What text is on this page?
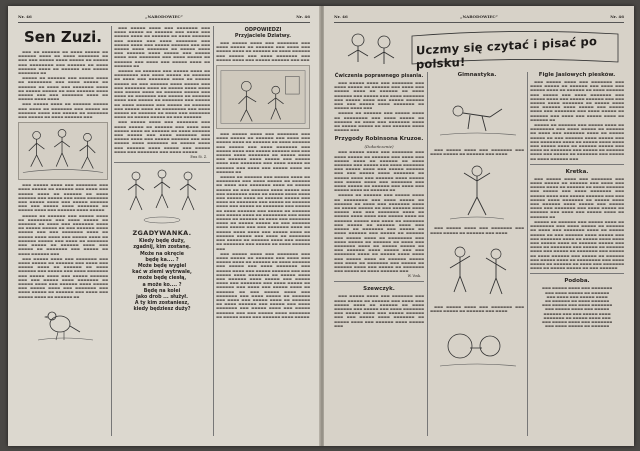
Nr. 46	„NARODOWIEC”	Nr. 46
Sen Zuzi.

▬▬▬ ▬▬ ▬▬▬▬▬▬ ▬▬ ▬▬▬▬ ▬▬▬▬▬ ▬▬ ▬▬▬▬▬▬ ▬▬▬▬ ▬▬ ▬▬▬▬ ▬▬▬▬▬▬▬ ▬▬ ▬▬▬ ▬▬▬ ▬▬▬▬▬ ▬▬▬▬ ▬▬▬▬▬ ▬▬ ▬▬▬▬▬ ▬▬▬ ▬▬▬▬▬▬▬▬ ▬▬▬ ▬▬▬▬▬▬ ▬▬ ▬▬▬▬ ▬▬▬▬▬▬ ▬▬▬▬ ▬▬ ▬▬▬▬▬▬ ▬▬▬ ▬▬▬▬▬ ▬▬▬▬▬▬▬ ▬▬

▬▬▬▬▬ ▬▬ ▬▬▬▬▬▬ ▬▬▬ ▬▬▬▬▬ ▬▬▬▬ ▬▬ ▬▬▬▬▬▬▬▬ ▬▬▬ ▬▬▬▬ ▬▬▬▬▬ ▬▬ ▬▬▬▬▬▬ ▬▬ ▬▬▬▬ ▬▬▬ ▬▬▬▬▬▬▬ ▬▬▬▬ ▬▬ ▬▬▬▬▬ ▬▬▬▬▬ ▬▬ ▬▬▬ ▬▬▬▬▬▬ ▬▬▬▬ ▬▬▬▬▬ ▬▬▬ ▬▬▬ ▬▬▬▬▬▬▬ ▬▬▬▬ ▬▬ ▬▬▬▬▬ ▬▬▬▬ ▬▬▬▬

▬▬▬ ▬▬▬▬▬ ▬▬▬▬ ▬▬ ▬▬▬▬▬▬ ▬▬▬▬▬ ▬▬▬ ▬▬▬▬ ▬▬ ▬▬▬▬▬▬▬ ▬▬▬ ▬▬▬▬▬ ▬▬ ▬▬▬▬▬▬ ▬▬▬▬ ▬▬▬ ▬▬▬▬▬ ▬▬ ▬▬▬▬▬▬▬ ▬▬▬ ▬▬▬▬▬ ▬▬ ▬▬▬▬ ▬▬▬▬▬▬ ▬▬▬

▬▬▬ ▬▬▬▬▬ ▬▬▬▬ ▬▬▬ ▬▬▬▬▬▬▬ ▬▬▬ ▬▬▬▬ ▬▬▬▬▬ ▬▬ ▬▬▬▬▬▬ ▬▬▬ ▬▬▬▬ ▬▬▬ ▬▬▬▬▬ ▬▬▬▬ ▬▬ ▬▬▬▬▬▬ ▬▬ ▬▬▬▬ ▬▬▬▬▬▬ ▬▬▬ ▬▬▬▬▬ ▬▬▬ ▬▬▬▬ ▬▬▬▬▬▬▬ ▬▬▬ ▬▬▬▬▬ ▬▬▬▬ ▬▬▬ ▬▬▬▬▬ ▬▬▬▬▬▬ ▬▬▬ ▬▬▬ ▬▬▬▬▬ ▬▬▬▬ ▬▬▬▬▬▬▬ ▬▬ ▬▬▬▬▬ ▬▬▬▬ ▬▬▬ ▬▬▬▬▬▬ ▬▬▬▬ ▬▬▬▬▬

▬▬▬▬▬ ▬▬ ▬▬▬▬▬▬ ▬▬▬ ▬▬▬▬▬ ▬▬▬▬ ▬▬ ▬▬▬▬▬▬▬▬ ▬▬▬ ▬▬▬▬ ▬▬▬▬▬ ▬▬ ▬▬▬▬▬▬ ▬▬ ▬▬▬▬ ▬▬▬ ▬▬▬▬▬▬▬ ▬▬▬▬ ▬▬ ▬▬▬▬▬ ▬▬▬▬▬ ▬▬ ▬▬▬ ▬▬▬▬▬▬ ▬▬▬▬ ▬▬▬▬▬ ▬▬▬ ▬▬▬ ▬▬▬▬▬▬▬ ▬▬▬▬ ▬▬ ▬▬▬▬▬ ▬▬▬▬ ▬▬▬▬ ▬▬▬ ▬▬▬▬▬ ▬▬▬▬ ▬▬ ▬▬▬▬▬▬ ▬▬▬▬▬ ▬▬▬ ▬▬▬▬ ▬▬ ▬▬▬▬▬▬▬ ▬▬▬ ▬▬▬▬▬ ▬▬ ▬▬▬▬▬▬ ▬▬▬▬ ▬▬▬ ▬▬▬▬▬ ▬▬ ▬▬▬▬▬▬▬ ▬▬▬ ▬▬▬▬▬ ▬▬ ▬▬▬▬ ▬▬▬▬▬▬ ▬▬▬

▬▬▬ ▬▬▬▬▬ ▬▬▬▬ ▬▬▬ ▬▬▬▬▬▬▬ ▬▬▬ ▬▬▬▬ ▬▬▬▬▬ ▬▬ ▬▬▬▬▬▬ ▬▬▬ ▬▬▬▬ ▬▬▬ ▬▬▬▬▬ ▬▬▬▬ ▬▬ ▬▬▬▬▬▬ ▬▬ ▬▬▬▬ ▬▬▬▬▬▬ ▬▬▬ ▬▬▬▬▬ ▬▬▬ ▬▬▬▬ ▬▬▬▬▬▬▬ ▬▬▬ ▬▬▬▬▬ ▬▬▬▬ ▬▬▬ ▬▬▬▬▬ ▬▬▬▬▬▬ ▬▬▬ ▬▬▬ ▬▬▬▬▬ ▬▬▬▬ ▬▬▬▬▬▬▬ ▬▬ ▬▬▬▬▬ ▬▬▬▬ ▬▬▬ ▬▬▬▬▬▬ ▬▬▬▬ ▬▬▬▬▬ ▬▬▬ ▬▬▬▬▬ ▬▬▬▬ ▬▬▬ ▬▬▬▬▬▬▬ ▬▬▬ ▬▬▬▬ ▬▬▬▬▬ ▬▬ ▬▬▬▬▬▬ ▬▬▬ ▬▬▬▬ ▬▬▬ ▬▬▬▬▬ ▬▬▬▬ ▬▬ ▬▬▬▬▬▬ ▬▬

▬▬▬ ▬▬▬▬▬ ▬▬▬▬ ▬▬▬ ▬▬▬▬▬▬▬ ▬▬▬ ▬▬▬▬ ▬▬▬▬▬ ▬▬ ▬▬▬▬▬▬ ▬▬▬ ▬▬▬▬ ▬▬▬ ▬▬▬▬▬ ▬▬▬▬ ▬▬ ▬▬▬▬▬▬ ▬▬ ▬▬▬▬ ▬▬▬▬▬▬ ▬▬▬ ▬▬▬▬▬ ▬▬▬ ▬▬▬▬ ▬▬▬▬▬▬▬ ▬▬▬ ▬▬▬▬▬ ▬▬▬▬ ▬▬▬ ▬▬▬▬▬ ▬▬▬▬▬▬ ▬▬▬ ▬▬▬ ▬▬▬▬▬ ▬▬▬▬ ▬▬▬▬▬▬▬ ▬▬ ▬▬▬▬▬ ▬▬▬▬ ▬▬▬ ▬▬▬▬▬▬ ▬▬▬▬ ▬▬▬▬▬ ▬▬▬ ▬▬▬▬▬ ▬▬▬▬ ▬▬▬ ▬▬▬▬▬▬▬ ▬▬▬ ▬▬▬▬ ▬▬▬▬▬ ▬▬ ▬▬▬▬▬▬ ▬▬▬ ▬▬▬▬ ▬▬▬ ▬▬▬▬▬ ▬▬▬▬ ▬▬ ▬▬▬▬▬▬ ▬▬

▬▬▬▬▬ ▬▬ ▬▬▬▬▬▬ ▬▬▬ ▬▬▬▬▬ ▬▬▬▬ ▬▬ ▬▬▬▬▬▬▬▬ ▬▬▬ ▬▬▬▬ ▬▬▬▬▬ ▬▬ ▬▬▬▬▬▬ ▬▬ ▬▬▬▬ ▬▬▬ ▬▬▬▬▬▬▬ ▬▬▬▬ ▬▬ ▬▬▬▬▬ ▬▬▬▬▬ ▬▬ ▬▬▬ ▬▬▬▬▬▬ ▬▬▬▬ ▬▬▬▬▬ ▬▬▬ ▬▬▬ ▬▬▬▬▬▬▬ ▬▬▬▬ ▬▬ ▬▬▬▬▬ ▬▬▬▬ ▬▬▬▬ ▬▬▬ ▬▬▬▬▬ ▬▬▬▬ ▬▬ ▬▬▬▬▬▬ ▬▬▬▬▬ ▬▬▬ ▬▬▬▬ ▬▬ ▬▬▬▬▬▬▬ ▬▬▬ ▬▬▬▬▬ ▬▬ ▬▬▬▬▬▬ ▬▬▬▬ ▬▬▬ ▬▬▬▬▬ ▬▬ ▬▬▬▬▬▬▬ ▬▬▬ ▬▬▬▬▬ ▬▬ ▬▬▬▬ ▬▬▬▬▬▬ ▬▬▬ ▬▬▬▬▬ ▬▬ ▬▬▬▬▬▬ ▬▬▬ ▬▬▬▬▬ ▬▬▬▬ ▬▬ ▬▬▬▬▬▬▬▬ ▬▬▬ ▬▬▬▬ ▬▬▬▬▬ ▬▬ ▬▬▬▬▬▬ ▬▬ ▬▬▬▬ ▬▬▬ ▬▬▬▬▬▬▬ ▬▬▬▬ ▬▬ ▬▬▬▬▬ ▬▬▬▬▬ ▬▬ ▬▬▬ ▬▬▬▬▬▬

▬▬▬ ▬▬▬▬▬ ▬▬▬▬ ▬▬▬ ▬▬▬▬▬▬▬ ▬▬▬ ▬▬▬▬ ▬▬▬▬▬ ▬▬ ▬▬▬▬▬▬ ▬▬▬ ▬▬▬▬ ▬▬▬ ▬▬▬▬▬ ▬▬▬▬ ▬▬ ▬▬▬▬▬▬ ▬▬ ▬▬▬▬ ▬▬▬▬▬▬ ▬▬▬ ▬▬▬▬▬ ▬▬▬ ▬▬▬▬ ▬▬▬▬▬▬▬ ▬▬▬ ▬▬▬▬▬ ▬▬▬▬ ▬▬▬ ▬▬▬▬▬ ▬▬▬▬▬▬ ▬▬▬ ▬▬▬ ▬▬▬▬▬ ▬▬▬▬ ▬▬▬▬▬▬▬ ▬▬ ▬▬▬▬▬ ▬▬▬▬ ▬▬▬ ▬▬▬▬▬▬ ▬▬▬▬ ▬▬▬▬▬ ▬▬▬ ▬▬▬▬▬ ▬▬▬▬ ▬▬▬ ▬▬▬▬▬▬▬ ▬▬▬ ▬▬▬▬ ▬▬▬▬▬

Ewa St. Z.
ZGADYWANKA.
Kiedy będę duży,
zgadnij, kim zostanę.
Może na okręcie
będę ka.... ?
Może będę wygiel
kać w ziemi wytrwale,
może będę ciesłą,
a może ko.... ?
Będę na kolei
jako drob ... służył.
A ty kim zostaniesz,
kiedy będziesz duży?
ODPOWIEDZI
Przyjaciele Dziatwy.

▬▬▬ ▬▬▬▬▬ ▬▬▬▬ ▬▬▬ ▬▬▬▬▬▬▬ ▬▬▬ ▬▬▬▬ ▬▬▬▬▬ ▬▬ ▬▬▬▬▬▬ ▬▬▬ ▬▬▬▬ ▬▬▬ ▬▬▬▬▬ ▬▬▬▬ ▬▬ ▬▬▬▬▬▬ ▬▬ ▬▬▬▬ ▬▬▬▬▬▬ ▬▬▬ ▬▬▬▬▬ ▬▬▬ ▬▬▬▬ ▬▬▬▬▬▬▬ ▬▬▬ ▬▬▬▬▬ ▬▬▬▬ ▬▬▬ ▬▬▬▬▬ ▬▬▬▬▬▬ ▬▬▬ ▬▬▬

▬▬▬ ▬▬▬▬▬ ▬▬▬▬ ▬▬▬ ▬▬▬▬▬▬▬ ▬▬▬ ▬▬▬▬ ▬▬▬▬▬ ▬▬ ▬▬▬▬▬▬ ▬▬▬ ▬▬▬▬ ▬▬▬ ▬▬▬▬▬ ▬▬▬▬ ▬▬ ▬▬▬▬▬▬ ▬▬ ▬▬▬▬ ▬▬▬▬▬▬ ▬▬▬ ▬▬▬▬▬ ▬▬▬ ▬▬▬▬ ▬▬▬▬▬▬▬ ▬▬▬ ▬▬▬▬▬ ▬▬▬▬ ▬▬▬ ▬▬▬▬▬ ▬▬▬▬▬▬ ▬▬▬ ▬▬▬ ▬▬▬▬▬ ▬▬▬▬ ▬▬▬▬▬▬▬ ▬▬ ▬▬▬▬▬ ▬▬▬▬ ▬▬▬ ▬▬▬▬▬▬ ▬▬▬▬ ▬▬▬▬▬ ▬▬▬ ▬▬▬▬▬ ▬▬▬▬ ▬▬▬ ▬▬▬▬▬▬▬ ▬▬▬ ▬▬▬▬ ▬▬▬▬▬ ▬▬ ▬▬▬▬▬▬ ▬▬▬ ▬▬▬▬ ▬▬▬ ▬▬▬▬▬ ▬▬▬▬ ▬▬ ▬▬▬▬▬▬ ▬▬

▬▬▬▬▬ ▬▬ ▬▬▬▬▬▬ ▬▬▬ ▬▬▬▬▬ ▬▬▬▬ ▬▬ ▬▬▬▬▬▬▬▬ ▬▬▬ ▬▬▬▬ ▬▬▬▬▬ ▬▬ ▬▬▬▬▬▬ ▬▬ ▬▬▬▬ ▬▬▬ ▬▬▬▬▬▬▬ ▬▬▬▬ ▬▬ ▬▬▬▬▬ ▬▬▬▬▬ ▬▬ ▬▬▬ ▬▬▬▬▬▬ ▬▬▬▬ ▬▬▬▬▬ ▬▬▬ ▬▬▬ ▬▬▬▬▬▬▬ ▬▬▬▬ ▬▬ ▬▬▬▬▬ ▬▬▬▬ ▬▬▬▬ ▬▬▬ ▬▬▬▬▬ ▬▬▬▬ ▬▬ ▬▬▬▬▬▬ ▬▬▬▬▬ ▬▬▬ ▬▬▬▬ ▬▬ ▬▬▬▬▬▬▬ ▬▬▬ ▬▬▬▬▬ ▬▬ ▬▬▬▬▬▬ ▬▬▬▬ ▬▬▬ ▬▬▬▬▬ ▬▬ ▬▬▬▬▬▬▬ ▬▬▬ ▬▬▬▬▬ ▬▬ ▬▬▬▬ ▬▬▬▬▬▬ ▬▬▬ ▬▬▬▬▬ ▬▬ ▬▬▬▬▬▬ ▬▬▬ ▬▬▬▬▬ ▬▬▬▬ ▬▬ ▬▬▬▬▬▬▬▬ ▬▬▬ ▬▬▬▬ ▬▬▬▬▬ ▬▬ ▬▬▬▬▬▬ ▬▬ ▬▬▬▬ ▬▬▬ ▬▬▬▬▬▬▬ ▬▬▬▬ ▬▬ ▬▬▬▬▬ ▬▬▬▬▬ ▬▬ ▬▬▬ ▬▬▬▬▬▬ ▬▬▬▬ ▬▬▬▬▬ ▬▬▬ ▬▬▬ ▬▬▬▬▬▬▬ ▬▬▬▬ ▬▬ ▬▬▬▬▬ ▬▬▬▬ ▬▬▬▬ ▬▬▬ ▬▬▬▬▬ ▬▬▬▬ ▬▬ ▬▬▬▬▬▬ ▬▬▬▬▬ ▬▬▬ ▬▬▬▬ ▬▬ ▬▬▬▬▬▬▬ ▬▬▬ ▬▬▬▬▬ ▬▬ ▬▬▬▬▬▬ ▬▬▬▬ ▬▬▬ ▬▬▬▬▬ ▬▬ ▬▬▬▬▬▬▬ ▬▬▬ ▬▬▬▬▬ ▬▬ ▬▬▬▬ ▬▬▬▬▬▬ ▬▬▬

▬▬▬ ▬▬▬▬▬ ▬▬▬▬ ▬▬▬ ▬▬▬▬▬▬▬ ▬▬▬ ▬▬▬▬ ▬▬▬▬▬ ▬▬ ▬▬▬▬▬▬ ▬▬▬ ▬▬▬▬ ▬▬▬ ▬▬▬▬▬ ▬▬▬▬ ▬▬ ▬▬▬▬▬▬ ▬▬ ▬▬▬▬ ▬▬▬▬▬▬ ▬▬▬ ▬▬▬▬▬ ▬▬▬ ▬▬▬▬ ▬▬▬▬▬▬▬ ▬▬▬ ▬▬▬▬▬ ▬▬▬▬ ▬▬▬ ▬▬▬▬▬ ▬▬▬▬▬▬ ▬▬▬ ▬▬▬ ▬▬▬▬▬ ▬▬▬▬ ▬▬▬▬▬▬▬ ▬▬ ▬▬▬▬▬ ▬▬▬▬ ▬▬▬ ▬▬▬▬▬▬ ▬▬▬▬ ▬▬▬▬▬ ▬▬▬ ▬▬▬▬▬ ▬▬▬▬ ▬▬▬ ▬▬▬▬▬▬▬ ▬▬▬ ▬▬▬▬ ▬▬▬▬▬ ▬▬ ▬▬▬▬▬▬ ▬▬▬ ▬▬▬▬ ▬▬▬ ▬▬▬▬▬ ▬▬▬▬ ▬▬ ▬▬▬▬▬▬ ▬▬ ▬▬▬ ▬▬▬▬▬ ▬▬▬▬ ▬▬▬ ▬▬▬▬▬▬▬ ▬▬▬ ▬▬▬▬ ▬▬▬▬▬ ▬▬ ▬▬▬▬▬▬ ▬▬▬ ▬▬▬▬ ▬▬▬ ▬▬▬▬▬ ▬▬▬▬ ▬▬ ▬▬▬▬▬▬ ▬▬ ▬▬▬▬ ▬▬▬▬▬▬ ▬▬▬ ▬▬▬▬▬ ▬▬▬ ▬▬▬▬ ▬▬▬▬▬▬▬ ▬▬▬ ▬▬▬▬▬ ▬▬▬▬ ▬▬▬ ▬▬▬▬▬ ▬▬▬▬▬▬ ▬▬▬ ▬▬▬ ▬▬▬▬▬ ▬▬▬▬ ▬▬▬▬▬▬▬ ▬▬ ▬▬▬▬▬ ▬▬▬▬ ▬▬▬ ▬▬▬▬▬▬ ▬▬▬▬ ▬▬▬▬▬

Nr. 46	„NARODOWIEC”	Nr. 46
Uczmy się czytać i pisać po polsku!
Ćwiczenia poprawnego pisania.

▬▬▬ ▬▬▬▬▬ ▬▬▬▬ ▬▬▬ ▬▬▬▬▬▬▬ ▬▬▬ ▬▬▬▬ ▬▬▬▬▬ ▬▬ ▬▬▬▬▬▬ ▬▬▬ ▬▬▬▬ ▬▬▬ ▬▬▬▬▬ ▬▬▬▬ ▬▬ ▬▬▬▬▬▬ ▬▬ ▬▬▬▬ ▬▬▬▬▬▬ ▬▬▬ ▬▬▬▬▬ ▬▬▬ ▬▬▬▬ ▬▬▬▬▬▬▬ ▬▬▬ ▬▬▬▬▬ ▬▬▬▬ ▬▬▬ ▬▬▬▬▬ ▬▬▬▬▬▬ ▬▬▬ ▬▬▬ ▬▬▬▬▬ ▬▬▬▬ ▬▬▬▬▬▬▬ ▬▬ ▬▬▬▬▬ ▬▬▬▬ ▬▬▬

▬▬▬▬▬ ▬▬ ▬▬▬▬▬▬ ▬▬▬ ▬▬▬▬▬ ▬▬▬▬ ▬▬ ▬▬▬▬▬▬▬▬ ▬▬▬ ▬▬▬▬ ▬▬▬▬▬ ▬▬ ▬▬▬▬▬▬ ▬▬ ▬▬▬▬ ▬▬▬ ▬▬▬▬▬▬▬ ▬▬▬▬ ▬▬ ▬▬▬▬▬ ▬▬▬▬▬ ▬▬ ▬▬▬ ▬▬▬▬▬▬ ▬▬▬▬ ▬▬▬▬▬ ▬▬▬

Przygody Robinsona Kruzoe.
(Dokończenie)

▬▬▬ ▬▬▬▬▬ ▬▬▬▬ ▬▬▬ ▬▬▬▬▬▬▬ ▬▬▬ ▬▬▬▬ ▬▬▬▬▬ ▬▬ ▬▬▬▬▬▬ ▬▬▬ ▬▬▬▬ ▬▬▬ ▬▬▬▬▬ ▬▬▬▬ ▬▬ ▬▬▬▬▬▬ ▬▬ ▬▬▬▬ ▬▬▬▬▬▬ ▬▬▬ ▬▬▬▬▬ ▬▬▬ ▬▬▬▬ ▬▬▬▬▬▬▬ ▬▬▬ ▬▬▬▬▬ ▬▬▬▬ ▬▬▬ ▬▬▬▬▬ ▬▬▬▬▬▬ ▬▬▬ ▬▬▬ ▬▬▬▬▬ ▬▬▬▬ ▬▬▬▬▬▬▬ ▬▬ ▬▬▬▬▬ ▬▬▬▬ ▬▬▬ ▬▬▬▬▬▬ ▬▬▬▬ ▬▬▬▬▬ ▬▬▬ ▬▬▬▬▬ ▬▬▬▬ ▬▬▬ ▬▬▬▬▬▬▬ ▬▬▬ ▬▬▬▬ ▬▬▬▬▬ ▬▬ ▬▬▬▬▬▬ ▬▬▬ ▬▬▬▬ ▬▬▬ ▬▬▬▬▬ ▬▬▬▬ ▬▬ ▬▬▬▬▬▬ ▬▬

▬▬▬▬▬ ▬▬ ▬▬▬▬▬▬ ▬▬▬ ▬▬▬▬▬ ▬▬▬▬ ▬▬ ▬▬▬▬▬▬▬▬ ▬▬▬ ▬▬▬▬ ▬▬▬▬▬ ▬▬ ▬▬▬▬▬▬ ▬▬ ▬▬▬▬ ▬▬▬ ▬▬▬▬▬▬▬ ▬▬▬▬ ▬▬ ▬▬▬▬▬ ▬▬▬▬▬ ▬▬ ▬▬▬ ▬▬▬▬▬▬ ▬▬▬▬ ▬▬▬▬▬ ▬▬▬ ▬▬▬ ▬▬▬▬▬▬▬ ▬▬▬▬ ▬▬ ▬▬▬▬▬ ▬▬▬▬ ▬▬▬▬ ▬▬▬ ▬▬▬▬▬ ▬▬▬▬ ▬▬ ▬▬▬▬▬▬ ▬▬▬▬▬ ▬▬▬ ▬▬▬▬ ▬▬ ▬▬▬▬▬▬▬ ▬▬▬ ▬▬▬▬▬ ▬▬ ▬▬▬▬▬▬ ▬▬▬▬ ▬▬▬ ▬▬▬▬▬ ▬▬ ▬▬▬▬▬▬▬ ▬▬▬ ▬▬▬▬▬ ▬▬ ▬▬▬▬ ▬▬▬▬▬▬ ▬▬▬ ▬▬▬▬▬ ▬▬ ▬▬▬▬▬▬ ▬▬▬ ▬▬▬▬▬ ▬▬▬▬ ▬▬ ▬▬▬▬▬▬▬▬ ▬▬▬ ▬▬▬▬ ▬▬▬▬▬ ▬▬ ▬▬▬▬▬▬ ▬▬ ▬▬▬▬ ▬▬▬ ▬▬▬▬▬▬▬ ▬▬▬▬ ▬▬ ▬▬▬▬▬ ▬▬▬▬▬ ▬▬ ▬▬▬ ▬▬▬▬▬▬ ▬▬▬▬ ▬▬▬▬▬ ▬▬▬ ▬▬▬ ▬▬▬▬▬▬▬ ▬▬▬▬ ▬▬ ▬▬▬▬▬ ▬▬▬▬ ▬▬▬▬ ▬▬▬ ▬▬▬▬▬ ▬▬▬▬ ▬▬ ▬▬▬▬▬▬ ▬▬▬▬▬ ▬▬▬ ▬▬▬▬ ▬▬ ▬▬▬▬▬▬▬ ▬▬▬ ▬▬▬▬▬ ▬▬ ▬▬▬▬▬▬ ▬▬▬▬ ▬▬▬ ▬▬▬▬▬ ▬▬ ▬▬▬▬▬▬▬ ▬▬▬ ▬▬▬▬▬ ▬▬ ▬▬▬▬ ▬▬▬▬▬▬ ▬▬▬

W. Vosk.
Szewczyk.

▬▬▬ ▬▬▬▬▬ ▬▬▬▬ ▬▬▬ ▬▬▬▬▬▬▬ ▬▬▬ ▬▬▬▬ ▬▬▬▬▬ ▬▬ ▬▬▬▬▬▬ ▬▬▬ ▬▬▬▬ ▬▬▬ ▬▬▬▬▬ ▬▬▬▬ ▬▬ ▬▬▬▬▬▬ ▬▬ ▬▬▬▬ ▬▬▬▬▬▬ ▬▬▬ ▬▬▬▬▬ ▬▬▬ ▬▬▬▬ ▬▬▬▬▬▬▬ ▬▬▬ ▬▬▬▬▬ ▬▬▬▬ ▬▬▬ ▬▬▬▬▬ ▬▬▬▬▬▬ ▬▬▬ ▬▬▬ ▬▬▬▬▬ ▬▬▬▬ ▬▬▬▬▬▬▬ ▬▬ ▬▬▬▬▬ ▬▬▬▬ ▬▬▬ ▬▬▬▬▬▬ ▬▬▬▬ ▬▬▬▬▬ ▬▬▬

Gimnastyka.

▬▬▬ ▬▬▬▬▬ ▬▬▬▬ ▬▬▬ ▬▬▬▬▬▬▬ ▬▬▬ ▬▬▬▬ ▬▬▬▬▬ ▬▬ ▬▬▬▬▬▬ ▬▬▬ ▬▬▬▬

▬▬▬ ▬▬▬▬▬ ▬▬▬▬ ▬▬▬ ▬▬▬▬▬▬▬ ▬▬▬ ▬▬▬▬ ▬▬▬▬▬ ▬▬ ▬▬▬▬▬▬ ▬▬▬ ▬▬▬▬

▬▬▬ ▬▬▬▬▬ ▬▬▬▬ ▬▬▬ ▬▬▬▬▬▬▬ ▬▬▬ ▬▬▬▬ ▬▬▬▬▬ ▬▬ ▬▬▬▬▬▬ ▬▬▬ ▬▬▬▬

Figle Jasiowych piesków.

▬▬▬ ▬▬▬▬▬ ▬▬▬▬ ▬▬▬ ▬▬▬▬▬▬▬ ▬▬▬ ▬▬▬▬ ▬▬▬▬▬ ▬▬ ▬▬▬▬▬▬ ▬▬▬ ▬▬▬▬ ▬▬▬ ▬▬▬▬▬ ▬▬▬▬ ▬▬ ▬▬▬▬▬▬ ▬▬ ▬▬▬▬ ▬▬▬▬▬▬ ▬▬▬ ▬▬▬▬▬ ▬▬▬ ▬▬▬▬ ▬▬▬▬▬▬▬ ▬▬▬ ▬▬▬▬▬ ▬▬▬▬ ▬▬▬ ▬▬▬▬▬ ▬▬▬▬▬▬ ▬▬▬ ▬▬▬ ▬▬▬▬▬ ▬▬▬▬ ▬▬▬▬▬▬▬ ▬▬ ▬▬▬▬▬ ▬▬▬▬ ▬▬▬ ▬▬▬▬▬▬ ▬▬▬▬ ▬▬▬▬▬ ▬▬▬ ▬▬▬▬▬ ▬▬▬▬ ▬▬▬ ▬▬▬▬▬▬▬ ▬▬▬ ▬▬▬▬ ▬▬▬▬▬ ▬▬ ▬▬▬▬▬▬ ▬▬▬ ▬▬▬▬ ▬▬▬ ▬▬▬▬▬ ▬▬▬▬ ▬▬ ▬▬▬▬▬▬ ▬▬

▬▬▬▬▬ ▬▬ ▬▬▬▬▬▬ ▬▬▬ ▬▬▬▬▬ ▬▬▬▬ ▬▬ ▬▬▬▬▬▬▬▬ ▬▬▬ ▬▬▬▬ ▬▬▬▬▬ ▬▬ ▬▬▬▬▬▬ ▬▬ ▬▬▬▬ ▬▬▬ ▬▬▬▬▬▬▬ ▬▬▬▬ ▬▬ ▬▬▬▬▬ ▬▬▬▬▬ ▬▬ ▬▬▬ ▬▬▬▬▬▬ ▬▬▬▬ ▬▬▬▬▬ ▬▬▬ ▬▬▬ ▬▬▬▬▬▬▬ ▬▬▬▬ ▬▬ ▬▬▬▬▬ ▬▬▬▬ ▬▬▬▬ ▬▬▬ ▬▬▬▬▬ ▬▬▬▬ ▬▬ ▬▬▬▬▬▬ ▬▬▬▬▬ ▬▬▬ ▬▬▬▬ ▬▬ ▬▬▬▬▬▬▬ ▬▬▬ ▬▬▬▬▬ ▬▬ ▬▬▬▬▬▬ ▬▬▬▬ ▬▬▬ ▬▬▬▬▬ ▬▬ ▬▬▬▬▬▬▬ ▬▬▬ ▬▬▬▬▬ ▬▬ ▬▬▬▬ ▬▬▬▬▬▬ ▬▬▬

Kretka.

▬▬▬ ▬▬▬▬▬ ▬▬▬▬ ▬▬▬ ▬▬▬▬▬▬▬ ▬▬▬ ▬▬▬▬ ▬▬▬▬▬ ▬▬ ▬▬▬▬▬▬ ▬▬▬ ▬▬▬▬ ▬▬▬ ▬▬▬▬▬ ▬▬▬▬ ▬▬ ▬▬▬▬▬▬ ▬▬ ▬▬▬▬ ▬▬▬▬▬▬ ▬▬▬ ▬▬▬▬▬ ▬▬▬ ▬▬▬▬ ▬▬▬▬▬▬▬ ▬▬▬ ▬▬▬▬▬ ▬▬▬▬ ▬▬▬ ▬▬▬▬▬ ▬▬▬▬▬▬ ▬▬▬ ▬▬▬ ▬▬▬▬▬ ▬▬▬▬ ▬▬▬▬▬▬▬ ▬▬ ▬▬▬▬▬ ▬▬▬▬ ▬▬▬ ▬▬▬▬▬▬ ▬▬▬▬ ▬▬▬▬▬ ▬▬▬ ▬▬▬▬▬ ▬▬▬▬ ▬▬▬ ▬▬▬▬▬▬▬ ▬▬▬ ▬▬▬▬ ▬▬▬▬▬ ▬▬ ▬▬▬▬▬▬ ▬▬▬ ▬▬▬▬ ▬▬▬ ▬▬▬▬▬ ▬▬▬▬ ▬▬ ▬▬▬▬▬▬ ▬▬

▬▬▬▬▬ ▬▬ ▬▬▬▬▬▬ ▬▬▬ ▬▬▬▬▬ ▬▬▬▬ ▬▬ ▬▬▬▬▬▬▬▬ ▬▬▬ ▬▬▬▬ ▬▬▬▬▬ ▬▬ ▬▬▬▬▬▬ ▬▬ ▬▬▬▬ ▬▬▬ ▬▬▬▬▬▬▬ ▬▬▬▬ ▬▬ ▬▬▬▬▬ ▬▬▬▬▬ ▬▬ ▬▬▬ ▬▬▬▬▬▬ ▬▬▬▬ ▬▬▬▬▬ ▬▬▬ ▬▬▬ ▬▬▬▬▬▬▬ ▬▬▬▬ ▬▬ ▬▬▬▬▬ ▬▬▬▬ ▬▬▬▬ ▬▬▬ ▬▬▬▬▬ ▬▬▬▬ ▬▬ ▬▬▬▬▬▬ ▬▬▬▬▬ ▬▬▬ ▬▬▬▬ ▬▬ ▬▬▬▬▬▬▬ ▬▬▬ ▬▬▬▬▬ ▬▬ ▬▬▬▬▬▬ ▬▬▬▬ ▬▬▬ ▬▬▬▬▬ ▬▬ ▬▬▬▬▬▬▬ ▬▬▬ ▬▬▬▬▬ ▬▬ ▬▬▬▬ ▬▬▬▬▬▬ ▬▬▬ ▬▬▬▬▬ ▬▬ ▬▬▬▬▬▬ ▬▬▬ ▬▬▬▬▬ ▬▬▬▬ ▬▬ ▬▬▬▬▬▬▬▬ ▬▬▬ ▬▬▬▬ ▬▬▬▬▬ ▬▬ ▬▬▬▬▬▬ ▬▬ ▬▬▬▬ ▬▬▬ ▬▬▬▬▬▬▬ ▬▬▬▬ ▬▬ ▬▬▬▬▬ ▬▬▬▬▬ ▬▬ ▬▬▬ ▬▬▬▬▬▬

Podoba.

▬▬▬ ▬▬▬▬▬ ▬▬▬▬ ▬▬▬ ▬▬▬▬▬▬▬
▬▬▬ ▬▬▬▬ ▬▬▬▬▬ ▬▬ ▬▬▬▬▬▬
▬▬▬ ▬▬▬▬ ▬▬▬ ▬▬▬▬▬ ▬▬▬▬
▬▬ ▬▬▬▬▬▬ ▬▬ ▬▬▬▬ ▬▬▬▬▬▬
▬▬▬ ▬▬▬▬▬ ▬▬▬ ▬▬▬▬ ▬▬▬▬▬▬▬
▬▬▬ ▬▬▬▬▬ ▬▬▬▬ ▬▬▬ ▬▬▬▬▬
▬▬▬▬▬▬ ▬▬▬ ▬▬▬ ▬▬▬▬▬ ▬▬▬▬
▬▬▬▬▬▬▬ ▬▬ ▬▬▬▬▬ ▬▬▬▬ ▬▬▬
▬▬▬ ▬▬▬▬▬ ▬▬▬▬ ▬▬▬ ▬▬▬▬▬▬▬
▬▬▬ ▬▬▬▬ ▬▬▬▬▬ ▬▬ ▬▬▬▬▬▬
